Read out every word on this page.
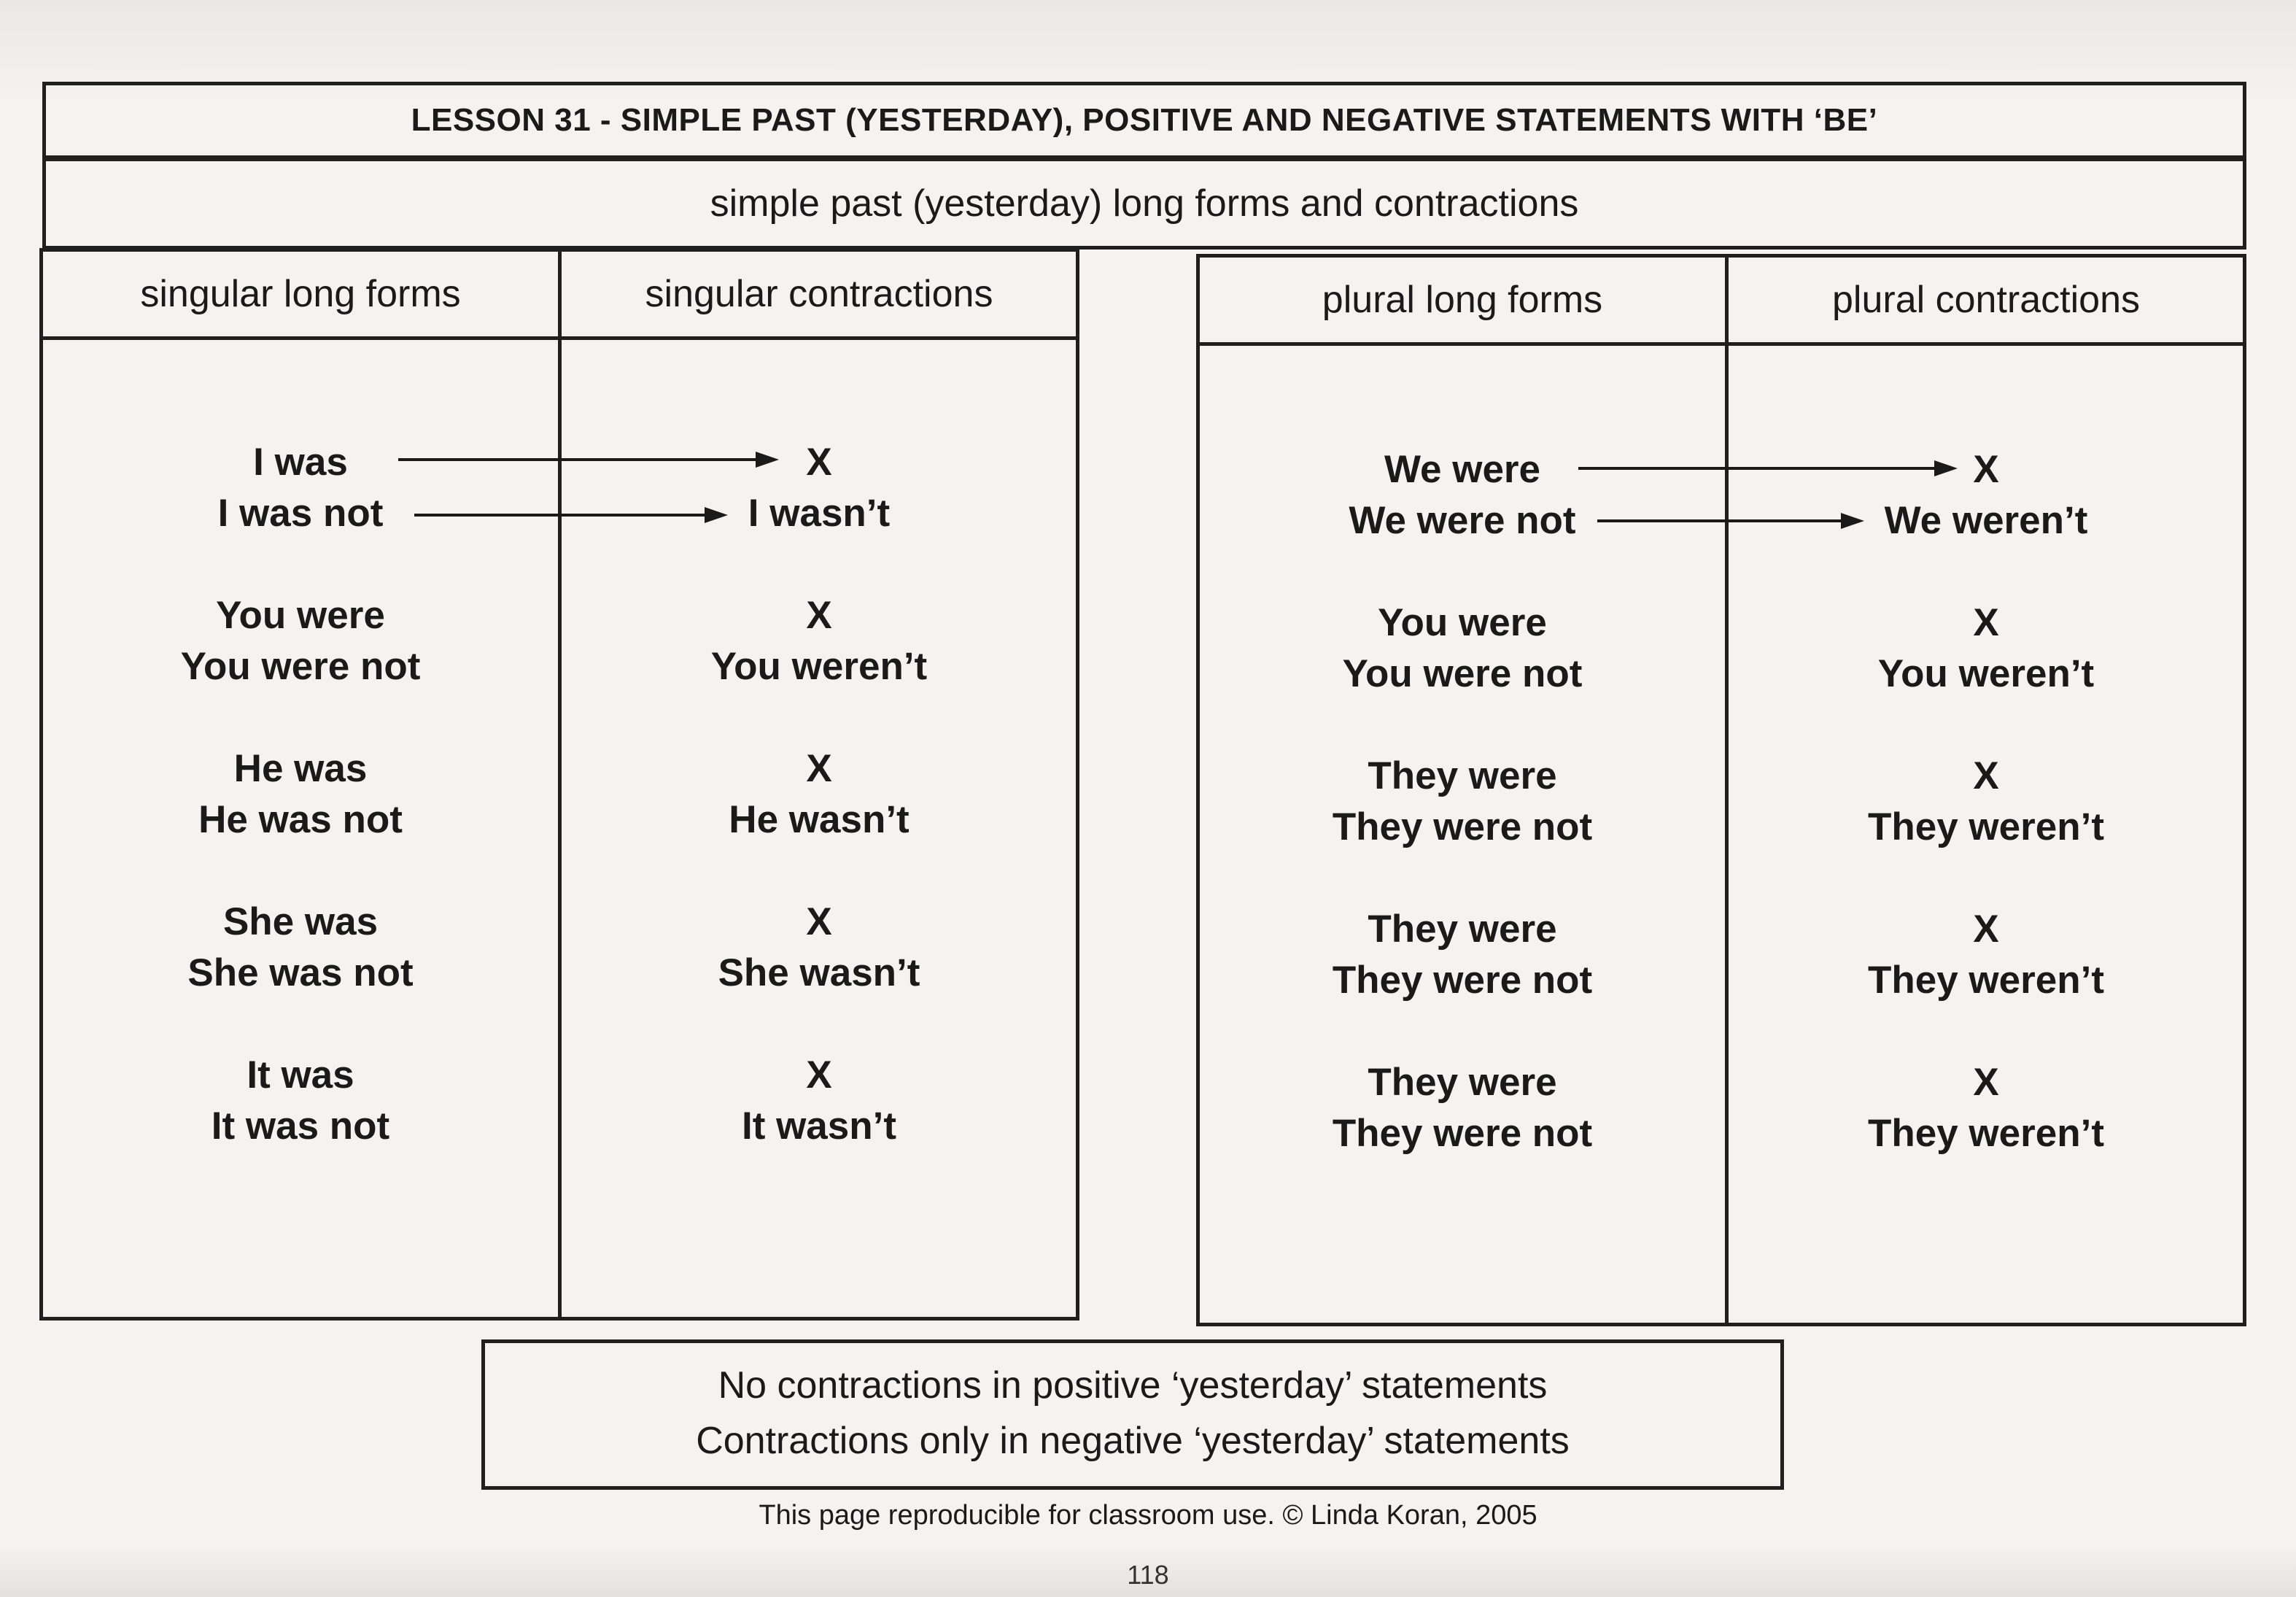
LESSON 31 - SIMPLE PAST (YESTERDAY), POSITIVE AND NEGATIVE STATEMENTS WITH ‘BE’
simple past (yesterday) long forms and contractions
singular long forms	singular contractions
I was
I was not
X
I wasn’t
You were
You were not
X
You weren’t
He was
He was not
X
He wasn’t
She was
She was not
X
She wasn’t
It was
It was not
X
It wasn’t
plural long forms	plural contractions
We were
We were not
X
We weren’t
You were
You were not
X
You weren’t
They were
They were not
X
They weren’t
They were
They were not
X
They weren’t
They were
They were not
X
They weren’t
No contractions in positive ‘yesterday’ statements
Contractions only in negative ‘yesterday’ statements
This page reproducible for classroom use. © Linda Koran, 2005
118
